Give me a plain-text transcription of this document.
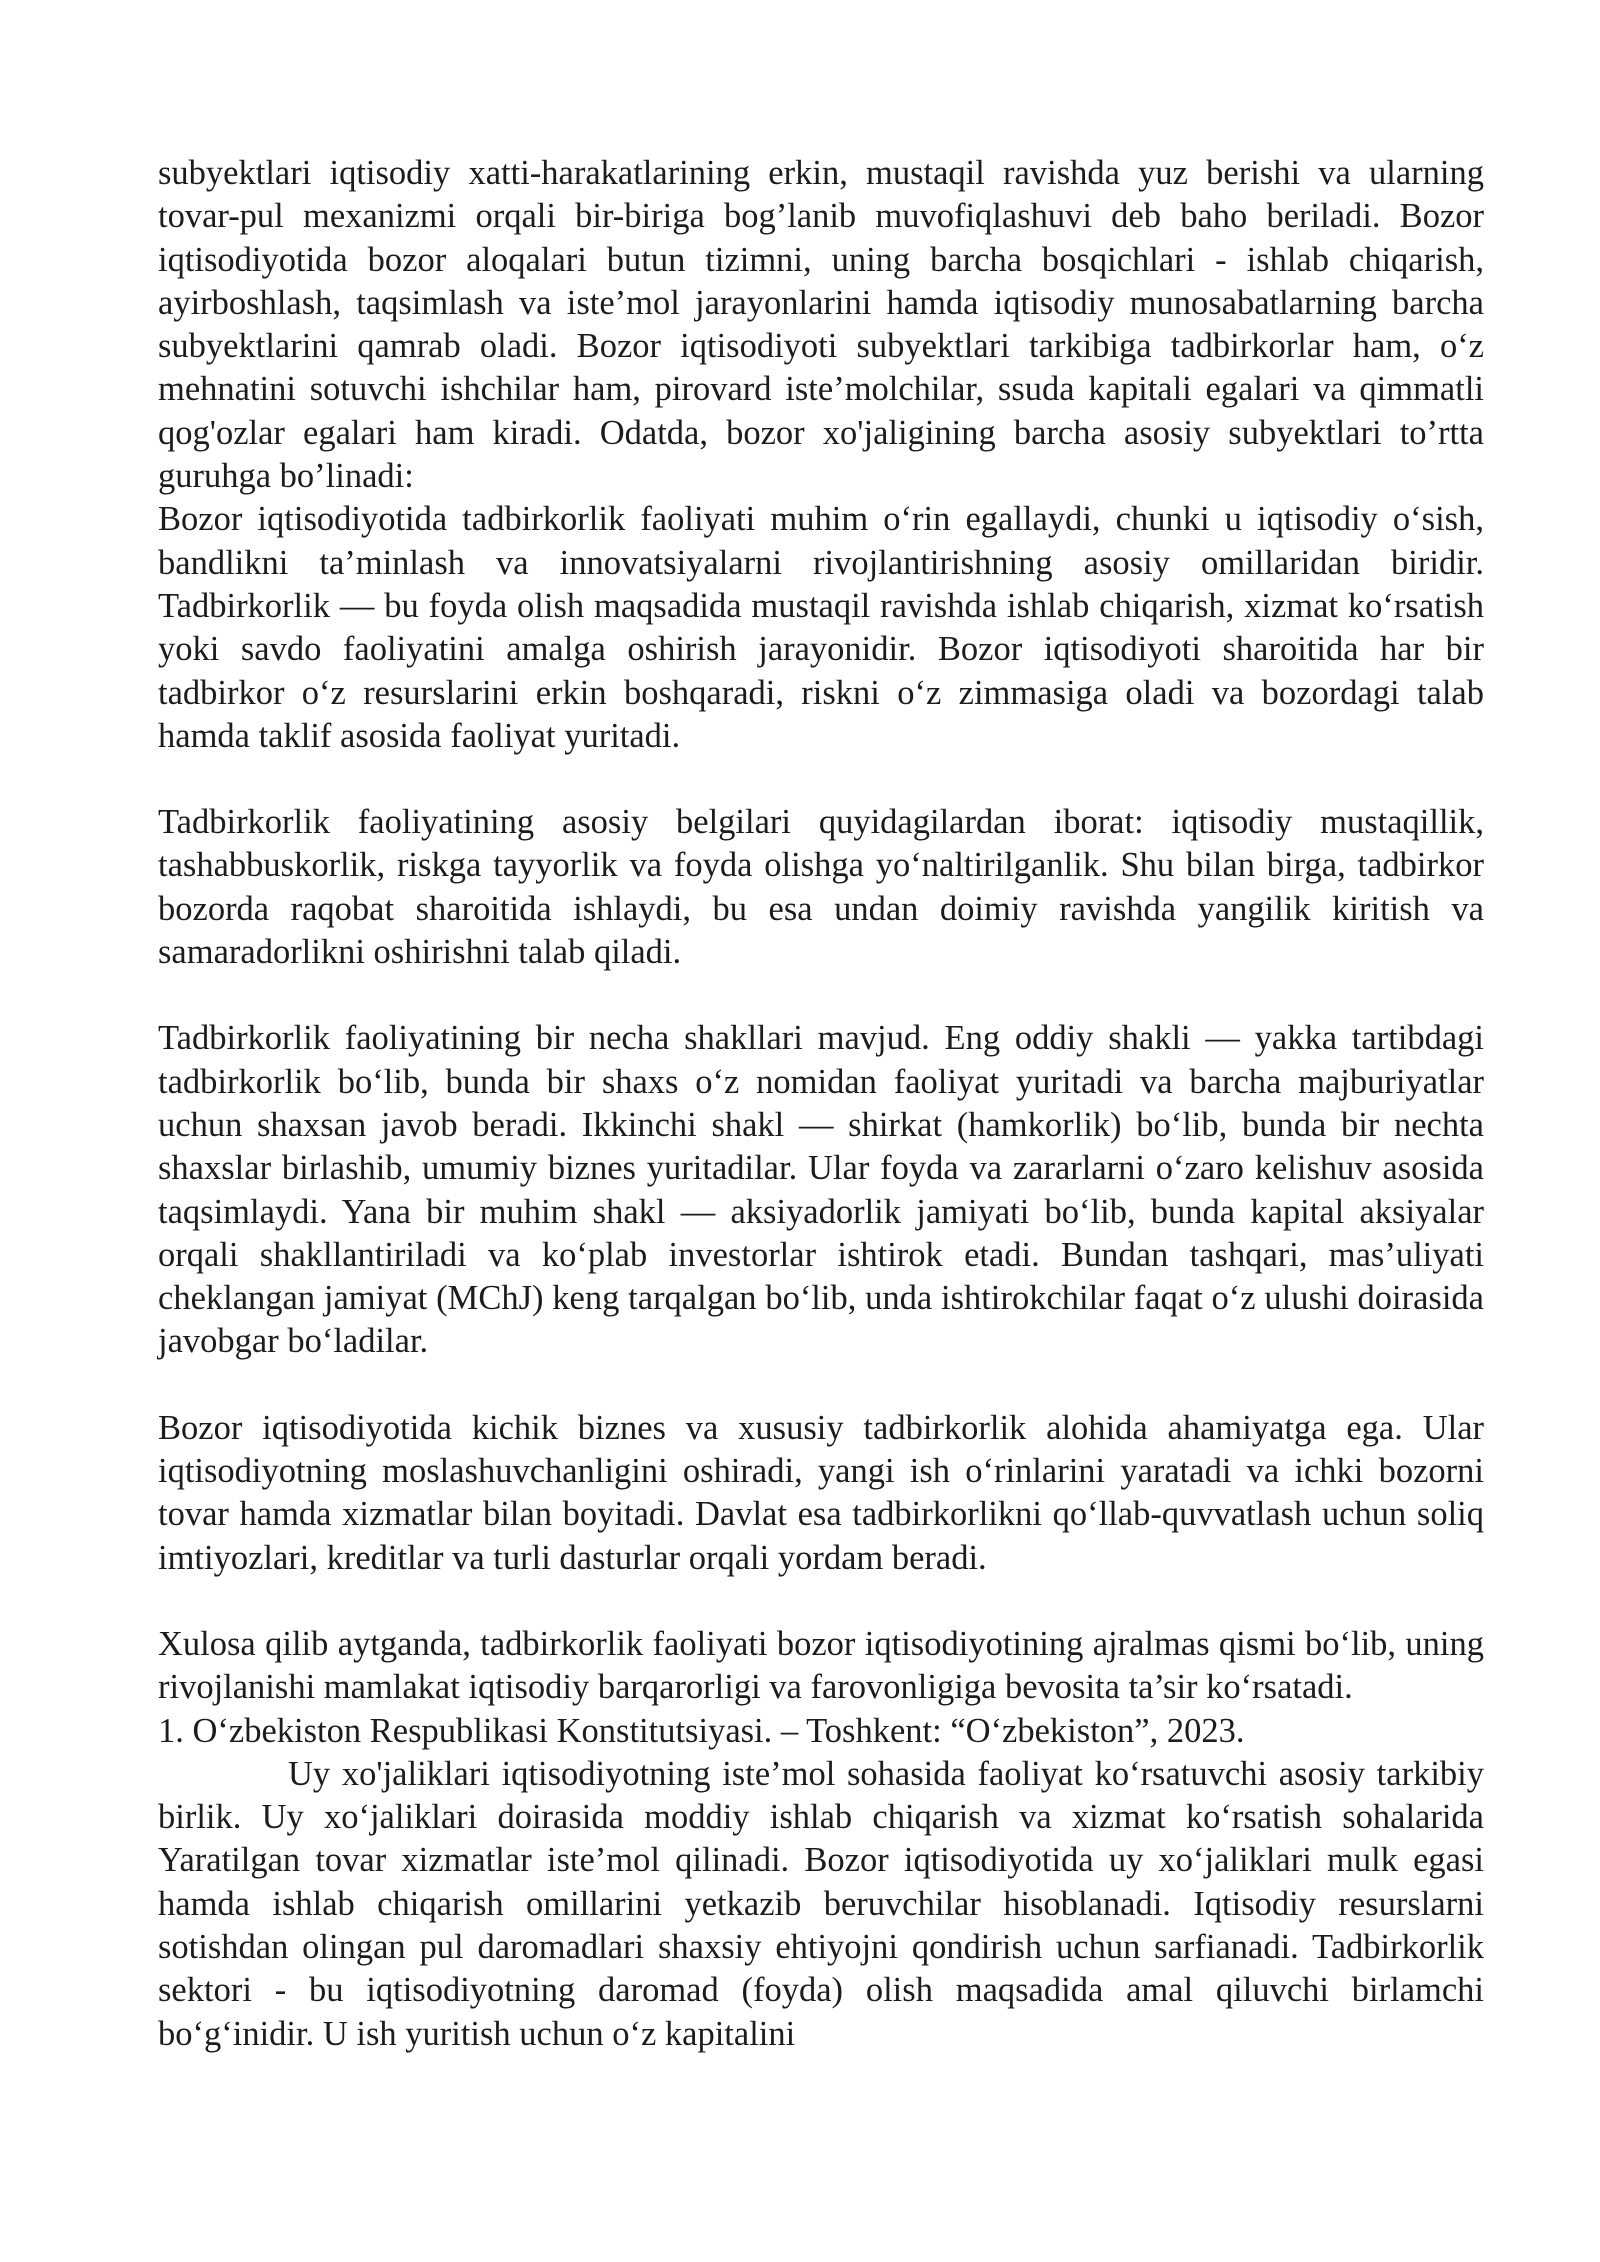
subyektlari iqtisodiy xatti-harakatlarining erkin, mustaqil ravishda yuz berishi va ularning tovar-pul mexanizmi orqali bir-biriga bog’lanib muvofiqlashuvi deb baho beriladi. Bozor iqtisodiyotida bozor aloqalari butun tizimni, uning barcha bosqichlari - ishlab chiqarish, ayirboshlash, taqsimlash va iste’mol jarayonlarini hamda iqtisodiy munosabatlarning barcha subyektlarini qamrab oladi. Bozor iqtisodiyoti subyektlari tarkibiga tadbirkorlar ham, o‘z mehnatini sotuvchi ishchilar ham, pirovard iste’molchilar, ssuda kapitali egalari va qimmatli qog'ozlar egalari ham kiradi. Odatda, bozor xo'jaligining barcha asosiy subyektlari to’rtta guruhga bo’linadi:

Bozor iqtisodiyotida tadbirkorlik faoliyati muhim o‘rin egallaydi, chunki u iqtisodiy o‘sish, bandlikni ta’minlash va innovatsiyalarni rivojlantirishning asosiy omillaridan biridir. Tadbirkorlik — bu foyda olish maqsadida mustaqil ravishda ishlab chiqarish, xizmat ko‘rsatish yoki savdo faoliyatini amalga oshirish jarayonidir. Bozor iqtisodiyoti sharoitida har bir tadbirkor o‘z resurslarini erkin boshqaradi, riskni o‘z zimmasiga oladi va bozordagi talab hamda taklif asosida faoliyat yuritadi.

Tadbirkorlik faoliyatining asosiy belgilari quyidagilardan iborat: iqtisodiy mustaqillik, tashabbuskorlik, riskga tayyorlik va foyda olishga yo‘naltirilganlik. Shu bilan birga, tadbirkor bozorda raqobat sharoitida ishlaydi, bu esa undan doimiy ravishda yangilik kiritish va samaradorlikni oshirishni talab qiladi.

Tadbirkorlik faoliyatining bir necha shakllari mavjud. Eng oddiy shakli — yakka tartibdagi tadbirkorlik bo‘lib, bunda bir shaxs o‘z nomidan faoliyat yuritadi va barcha majburiyatlar uchun shaxsan javob beradi. Ikkinchi shakl — shirkat (hamkorlik) bo‘lib, bunda bir nechta shaxslar birlashib, umumiy biznes yuritadilar. Ular foyda va zararlarni o‘zaro kelishuv asosida taqsimlaydi. Yana bir muhim shakl — aksiyadorlik jamiyati bo‘lib, bunda kapital aksiyalar orqali shakllantiriladi va ko‘plab investorlar ishtirok etadi. Bundan tashqari, mas’uliyati cheklangan jamiyat (MChJ) keng tarqalgan bo‘lib, unda ishtirokchilar faqat o‘z ulushi doirasida javobgar bo‘ladilar.

Bozor iqtisodiyotida kichik biznes va xususiy tadbirkorlik alohida ahamiyatga ega. Ular iqtisodiyotning moslashuvchanligini oshiradi, yangi ish o‘rinlarini yaratadi va ichki bozorni tovar hamda xizmatlar bilan boyitadi. Davlat esa tadbirkorlikni qo‘llab-quvvatlash uchun soliq imtiyozlari, kreditlar va turli dasturlar orqali yordam beradi.

Xulosa qilib aytganda, tadbirkorlik faoliyati bozor iqtisodiyotining ajralmas qismi bo‘lib, uning rivojlanishi mamlakat iqtisodiy barqarorligi va farovonligiga bevosita ta’sir ko‘rsatadi.

1. O‘zbekiston Respublikasi Konstitutsiyasi. – Toshkent: “O‘zbekiston”, 2023.

Uy xo'jaliklari iqtisodiyotning iste’mol sohasida faoliyat ko‘rsatuvchi asosiy tarkibiy birlik. Uy xo‘jaliklari doirasida moddiy ishlab chiqarish va xizmat ko‘rsatish sohalarida Yaratilgan tovar xizmatlar iste’mol qilinadi. Bozor iqtisodiyotida uy xo‘jaliklari mulk egasi hamda ishlab chiqarish omillarini yetkazib beruvchilar hisoblanadi. Iqtisodiy resurslarni sotishdan olingan pul daromadlari shaxsiy ehtiyojni qondirish uchun sarfianadi. Tadbirkorlik sektori - bu iqtisodiyotning daromad (foyda) olish maqsadida amal qiluvchi birlamchi bo‘g‘inidir. U ish yuritish uchun o‘z kapitalini
